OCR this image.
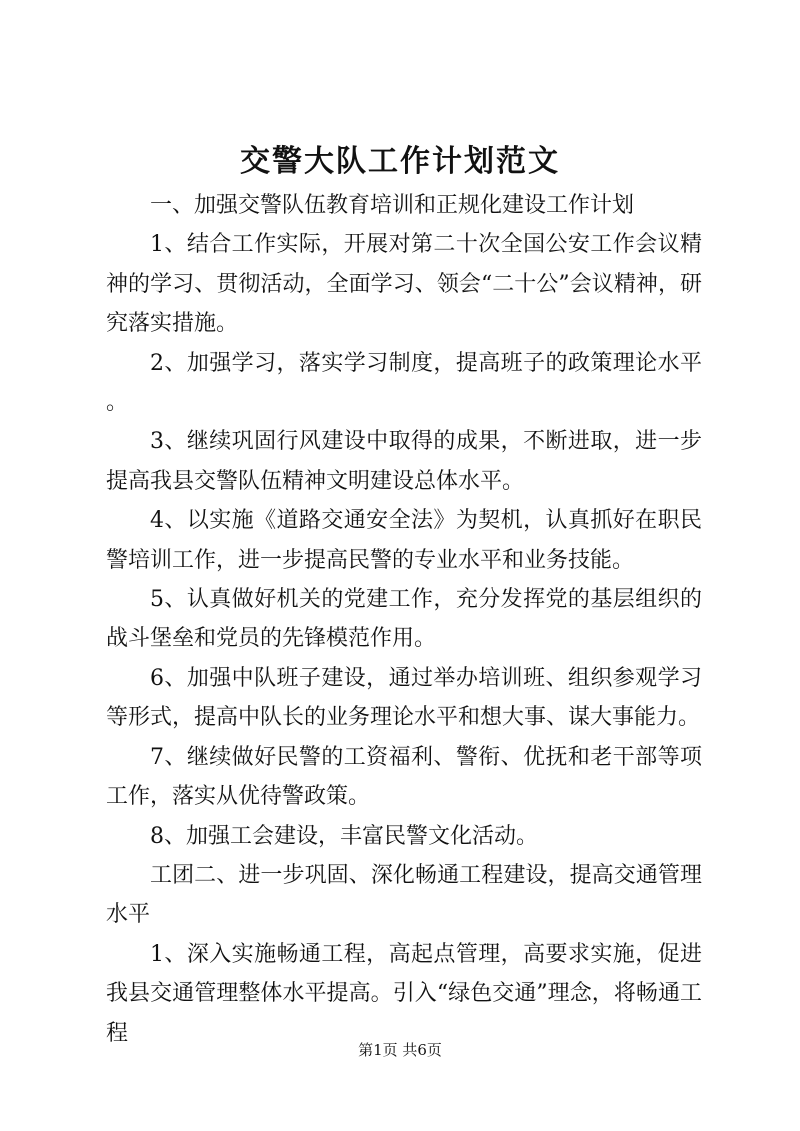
交警大队工作计划范文

一、加强交警队伍教育培训和正规化建设工作计划

1、结合工作实际，开展对第二十次全国公安工作会议精神的学习、贯彻活动，全面学习、领会“二十公”会议精神，研究落实措施。

2、加强学习，落实学习制度，提高班子的政策理论水平。

3、继续巩固行风建设中取得的成果，不断进取，进一步提高我县交警队伍精神文明建设总体水平。

4、以实施《道路交通安全法》为契机，认真抓好在职民警培训工作，进一步提高民警的专业水平和业务技能。

5、认真做好机关的党建工作，充分发挥党的基层组织的战斗堡垒和党员的先锋模范作用。

6、加强中队班子建设，通过举办培训班、组织参观学习等形式，提高中队长的业务理论水平和想大事、谋大事能力。

7、继续做好民警的工资福利、警衔、优抚和老干部等项工作，落实从优待警政策。

8、加强工会建设，丰富民警文化活动。

工团二、进一步巩固、深化畅通工程建设，提高交通管理水平

1、深入实施畅通工程，高起点管理，高要求实施，促进我县交通管理整体水平提高。引入“绿色交通”理念，将畅通工程

第1页 共6页
